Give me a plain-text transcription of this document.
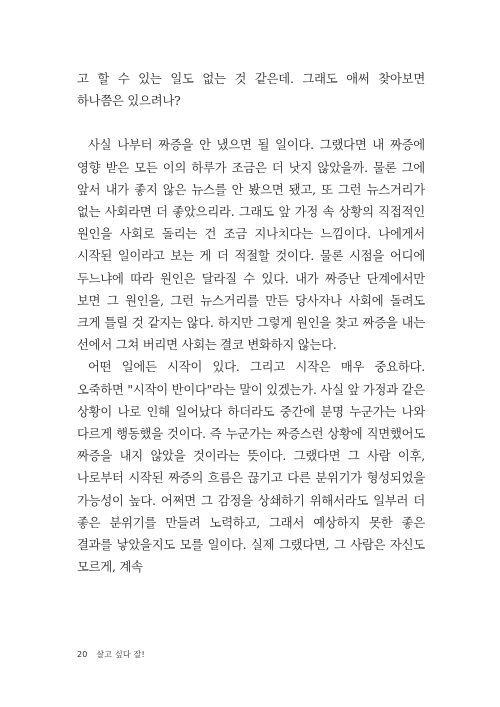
고 할 수 있는 일도 없는 것 같은데. 그래도 애써 찾아보면 하나쯤은 있으려나?

사실 나부터 짜증을 안 냈으면 될 일이다. 그랬다면 내 짜증에 영향 받은 모든 이의 하루가 조금은 더 낫지 않았을까. 물론 그에 앞서 내가 좋지 않은 뉴스를 안 봤으면 됐고, 또 그런 뉴스거리가 없는 사회라면 더 좋았으리라. 그래도 앞 가정 속 상황의 직접적인 원인을 사회로 돌리는 건 조금 지나치다는 느낌이다. 나에게서 시작된 일이라고 보는 게 더 적절할 것이다. 물론 시점을 어디에 두느냐에 따라 원인은 달라질 수 있다. 내가 짜증난 단계에서만 보면 그 원인을, 그런 뉴스거리를 만든 당사자나 사회에 돌려도 크게 틀릴 것 같지는 않다. 하지만 그렇게 원인을 찾고 짜증을 내는 선에서 그쳐 버리면 사회는 결코 변화하지 않는다.

어떤 일에든 시작이 있다. 그리고 시작은 매우 중요하다. 오죽하면 "시작이 반이다"라는 말이 있겠는가. 사실 앞 가정과 같은 상황이 나로 인해 일어났다 하더라도 중간에 분명 누군가는 나와 다르게 행동했을 것이다. 즉 누군가는 짜증스런 상황에 직면했어도 짜증을 내지 않았을 것이라는 뜻이다. 그랬다면 그 사람 이후, 나로부터 시작된 짜증의 흐름은 끊기고 다른 분위기가 형성되었을 가능성이 높다. 어쩌면 그 감정을 상쇄하기 위해서라도 일부러 더 좋은 분위기를 만들려 노력하고, 그래서 예상하지 못한 좋은 결과를 낳았을지도 모를 일이다. 실제 그랬다면, 그 사람은 자신도 모르게, 계속

20 살고 싶다 잘!
